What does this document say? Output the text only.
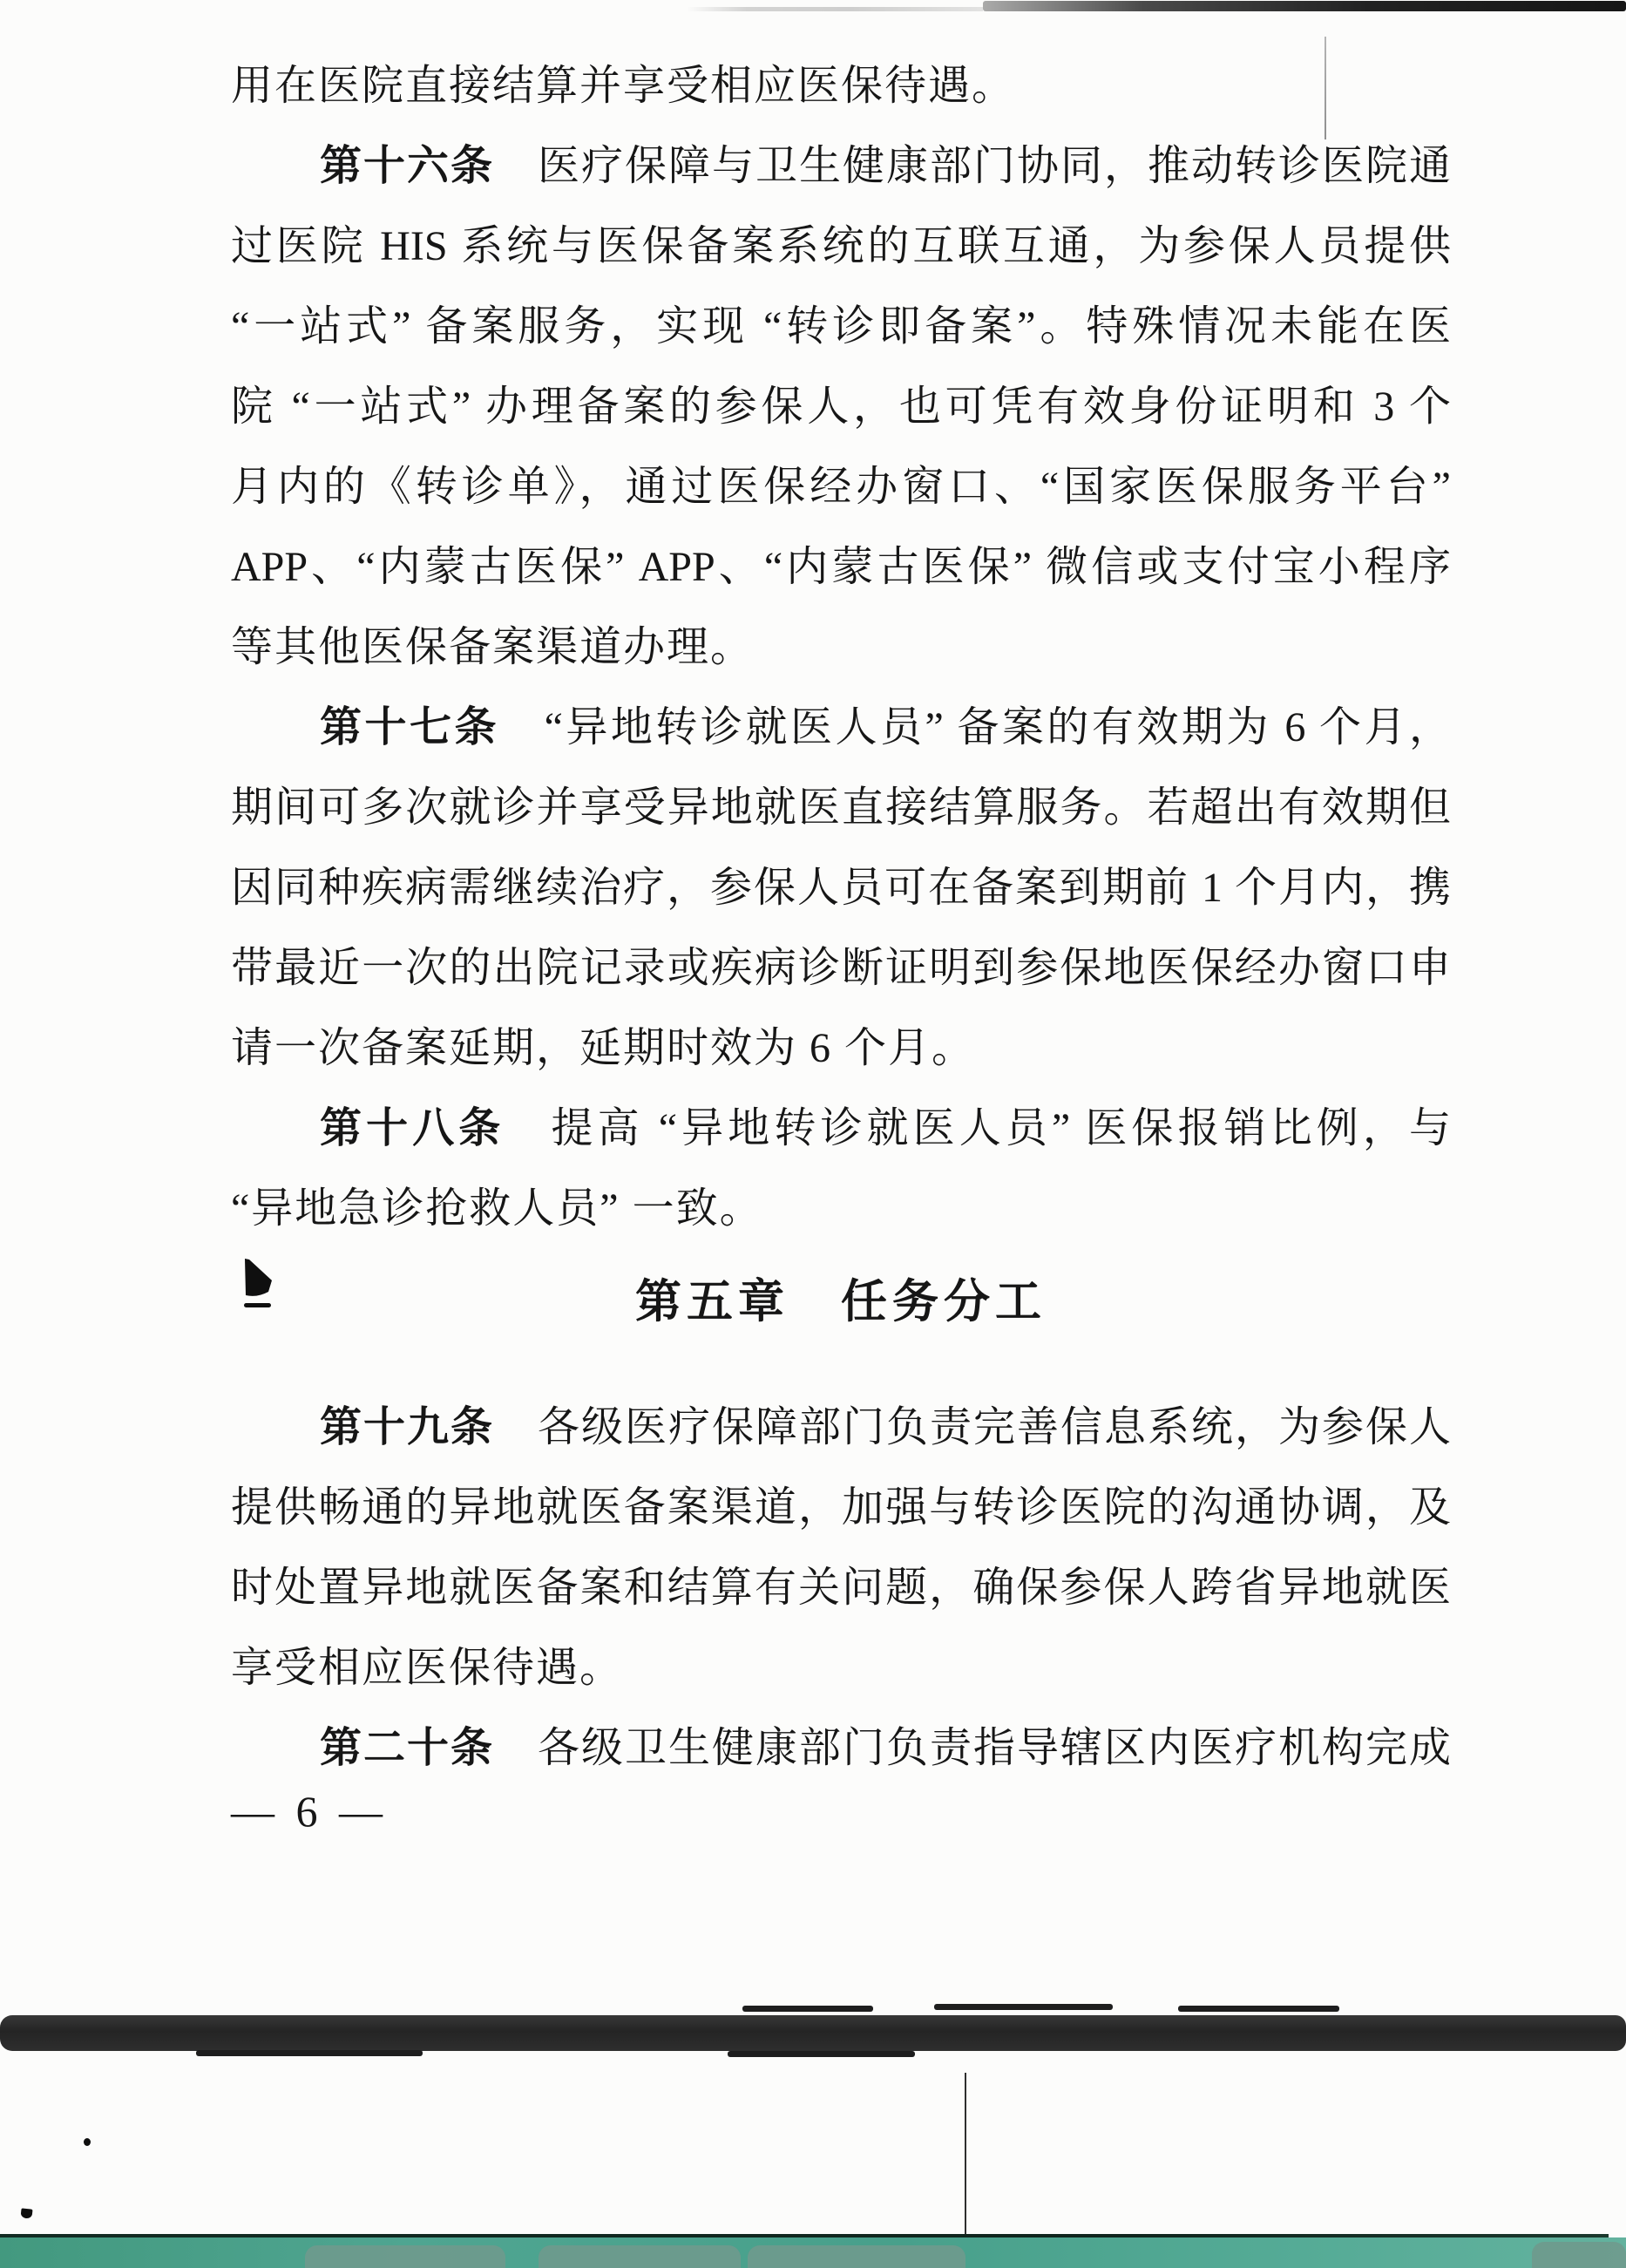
用在医院直接结算并享受相应医保待遇。
第十六条　医疗保障与卫生健康部门协同，推动转诊医院通
过医院 HIS 系统与医保备案系统的互联互通，为参保人员提供
“一站式” 备案服务，实现 “转诊即备案”。特殊情况未能在医
院 “一站式” 办理备案的参保人，也可凭有效身份证明和 3 个
月内的《转诊单》，通过医保经办窗口、“国家医保服务平台”
APP、“内蒙古医保” APP、“内蒙古医保” 微信或支付宝小程序
等其他医保备案渠道办理。
第十七条　“异地转诊就医人员” 备案的有效期为 6 个月，
期间可多次就诊并享受异地就医直接结算服务。若超出有效期但
因同种疾病需继续治疗，参保人员可在备案到期前 1 个月内，携
带最近一次的出院记录或疾病诊断证明到参保地医保经办窗口申
请一次备案延期，延期时效为 6 个月。
第十八条　提高 “异地转诊就医人员” 医保报销比例，与
“异地急诊抢救人员” 一致。
第五章　任务分工
第十九条　各级医疗保障部门负责完善信息系统，为参保人
提供畅通的异地就医备案渠道，加强与转诊医院的沟通协调，及
时处置异地就医备案和结算有关问题，确保参保人跨省异地就医
享受相应医保待遇。
第二十条　各级卫生健康部门负责指导辖区内医疗机构完成
— 6 —
